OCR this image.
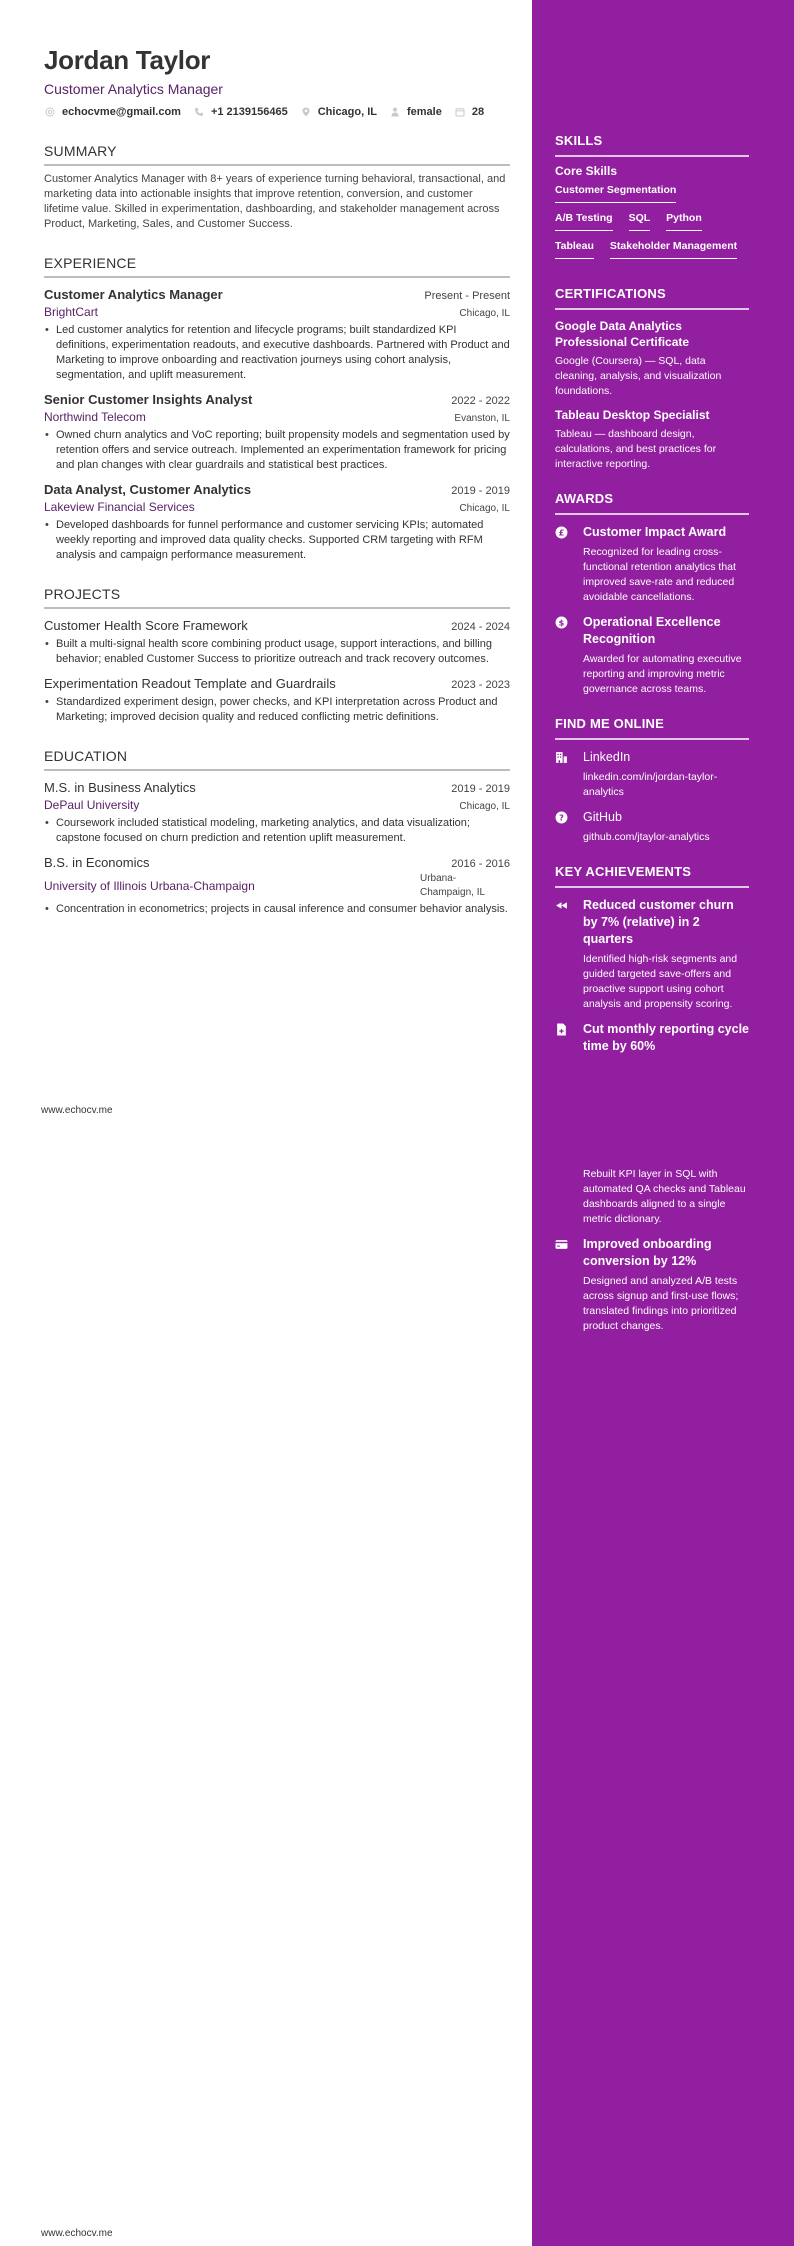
Jordan Taylor
Customer Analytics Manager
echocvme@gmail.com	+1 2139156465	Chicago, IL	female	28
SUMMARY
Customer Analytics Manager with 8+ years of experience turning behavioral, transactional, and marketing data into actionable insights that improve retention, conversion, and customer lifetime value. Skilled in experimentation, dashboarding, and stakeholder management across Product, Marketing, Sales, and Customer Success.
EXPERIENCE
Customer Analytics Manager	Present - Present
BrightCart	Chicago, IL
• Led customer analytics for retention and lifecycle programs; built standardized KPI definitions, experimentation readouts, and executive dashboards. Partnered with Product and Marketing to improve onboarding and reactivation journeys using cohort analysis, segmentation, and uplift measurement.
Senior Customer Insights Analyst	2022 - 2022
Northwind Telecom	Evanston, IL
• Owned churn analytics and VoC reporting; built propensity models and segmentation used by retention offers and service outreach. Implemented an experimentation framework for pricing and plan changes with clear guardrails and statistical best practices.
Data Analyst, Customer Analytics	2019 - 2019
Lakeview Financial Services	Chicago, IL
• Developed dashboards for funnel performance and customer servicing KPIs; automated weekly reporting and improved data quality checks. Supported CRM targeting with RFM analysis and campaign performance measurement.
PROJECTS
Customer Health Score Framework	2024 - 2024
• Built a multi-signal health score combining product usage, support interactions, and billing behavior; enabled Customer Success to prioritize outreach and track recovery outcomes.
Experimentation Readout Template and Guardrails	2023 - 2023
• Standardized experiment design, power checks, and KPI interpretation across Product and Marketing; improved decision quality and reduced conflicting metric definitions.
EDUCATION
M.S. in Business Analytics	2019 - 2019
DePaul University	Chicago, IL
• Coursework included statistical modeling, marketing analytics, and data visualization; capstone focused on churn prediction and retention uplift measurement.
B.S. in Economics	2016 - 2016
University of Illinois Urbana-Champaign	Urbana-Champaign, IL
• Concentration in econometrics; projects in causal inference and consumer behavior analysis.
www.echocv.me
www.echocv.me
SKILLS
Core Skills
Customer Segmentation
A/B Testing SQL Python
Tableau Stakeholder Management
CERTIFICATIONS
Google Data Analytics Professional Certificate
Google (Coursera) — SQL, data cleaning, analysis, and visualization foundations.
Tableau Desktop Specialist
Tableau — dashboard design, calculations, and best practices for interactive reporting.
AWARDS
£ Customer Impact Award
Recognized for leading cross-functional retention analytics that improved save-rate and reduced avoidable cancellations.
$ Operational Excellence Recognition
Awarded for automating executive reporting and improving metric governance across teams.
FIND ME ONLINE
LinkedIn
linkedin.com/in/jordan-taylor-analytics
? GitHub
github.com/jtaylor-analytics
KEY ACHIEVEMENTS
Reduced customer churn by 7% (relative) in 2 quarters
Identified high-risk segments and guided targeted save-offers and proactive support using cohort analysis and propensity scoring.
Cut monthly reporting cycle time by 60%
Rebuilt KPI layer in SQL with automated QA checks and Tableau dashboards aligned to a single metric dictionary.
Improved onboarding conversion by 12%
Designed and analyzed A/B tests across signup and first-use flows; translated findings into prioritized product changes.
